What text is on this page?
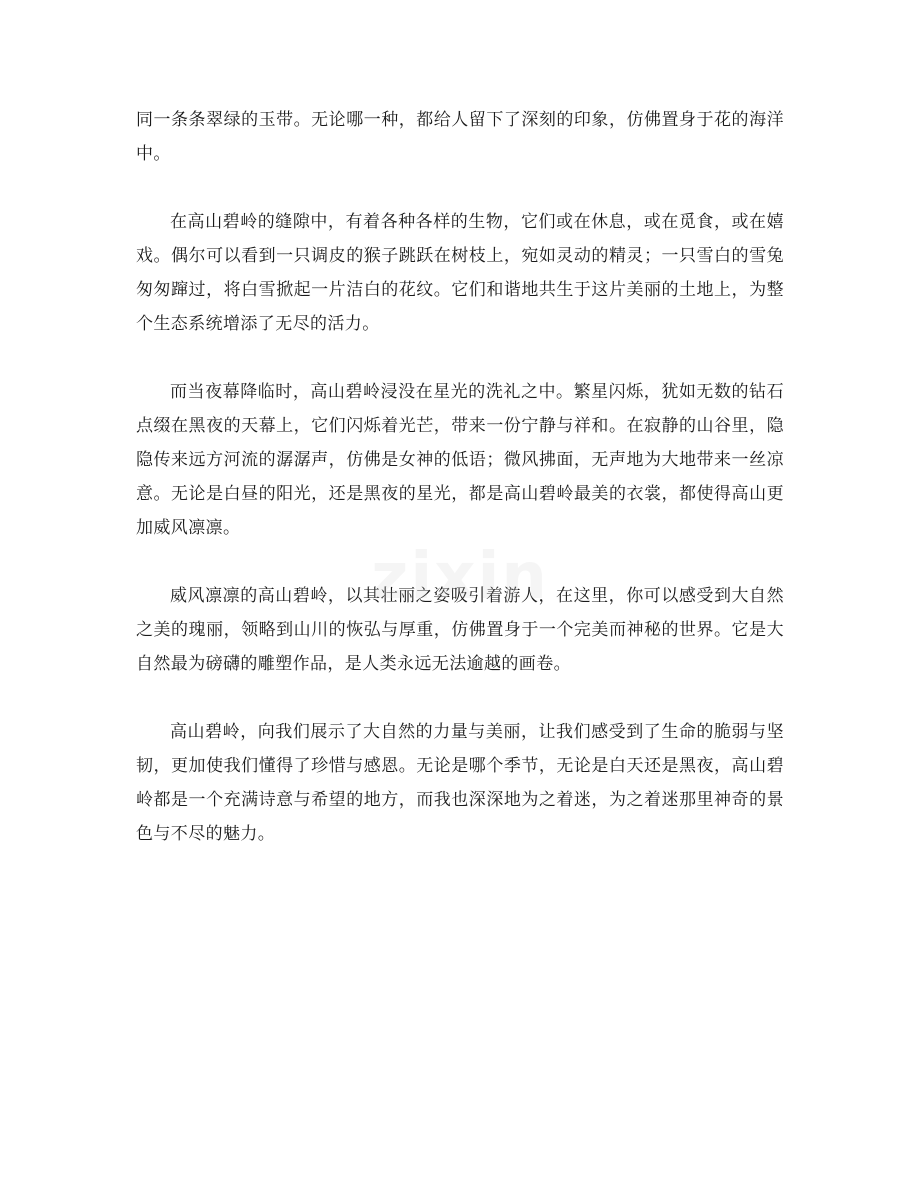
同一条条翠绿的玉带。无论哪一种，都给人留下了深刻的印象，仿佛置身于花的海洋中。

在高山碧岭的缝隙中，有着各种各样的生物，它们或在休息，或在觅食，或在嬉戏。偶尔可以看到一只调皮的猴子跳跃在树枝上，宛如灵动的精灵；一只雪白的雪兔匆匆蹿过，将白雪掀起一片洁白的花纹。它们和谐地共生于这片美丽的土地上，为整个生态系统增添了无尽的活力。

而当夜幕降临时，高山碧岭浸没在星光的洗礼之中。繁星闪烁，犹如无数的钻石点缀在黑夜的天幕上，它们闪烁着光芒，带来一份宁静与祥和。在寂静的山谷里，隐隐传来远方河流的潺潺声，仿佛是女神的低语；微风拂面，无声地为大地带来一丝凉意。无论是白昼的阳光，还是黑夜的星光，都是高山碧岭最美的衣裳，都使得高山更加威风凛凛。

威风凛凛的高山碧岭，以其壮丽之姿吸引着游人，在这里，你可以感受到大自然之美的瑰丽，领略到山川的恢弘与厚重，仿佛置身于一个完美而神秘的世界。它是大自然最为磅礴的雕塑作品，是人类永远无法逾越的画卷。

高山碧岭，向我们展示了大自然的力量与美丽，让我们感受到了生命的脆弱与坚韧，更加使我们懂得了珍惜与感恩。无论是哪个季节，无论是白天还是黑夜，高山碧岭都是一个充满诗意与希望的地方，而我也深深地为之着迷，为之着迷那里神奇的景色与不尽的魅力。

zixin
